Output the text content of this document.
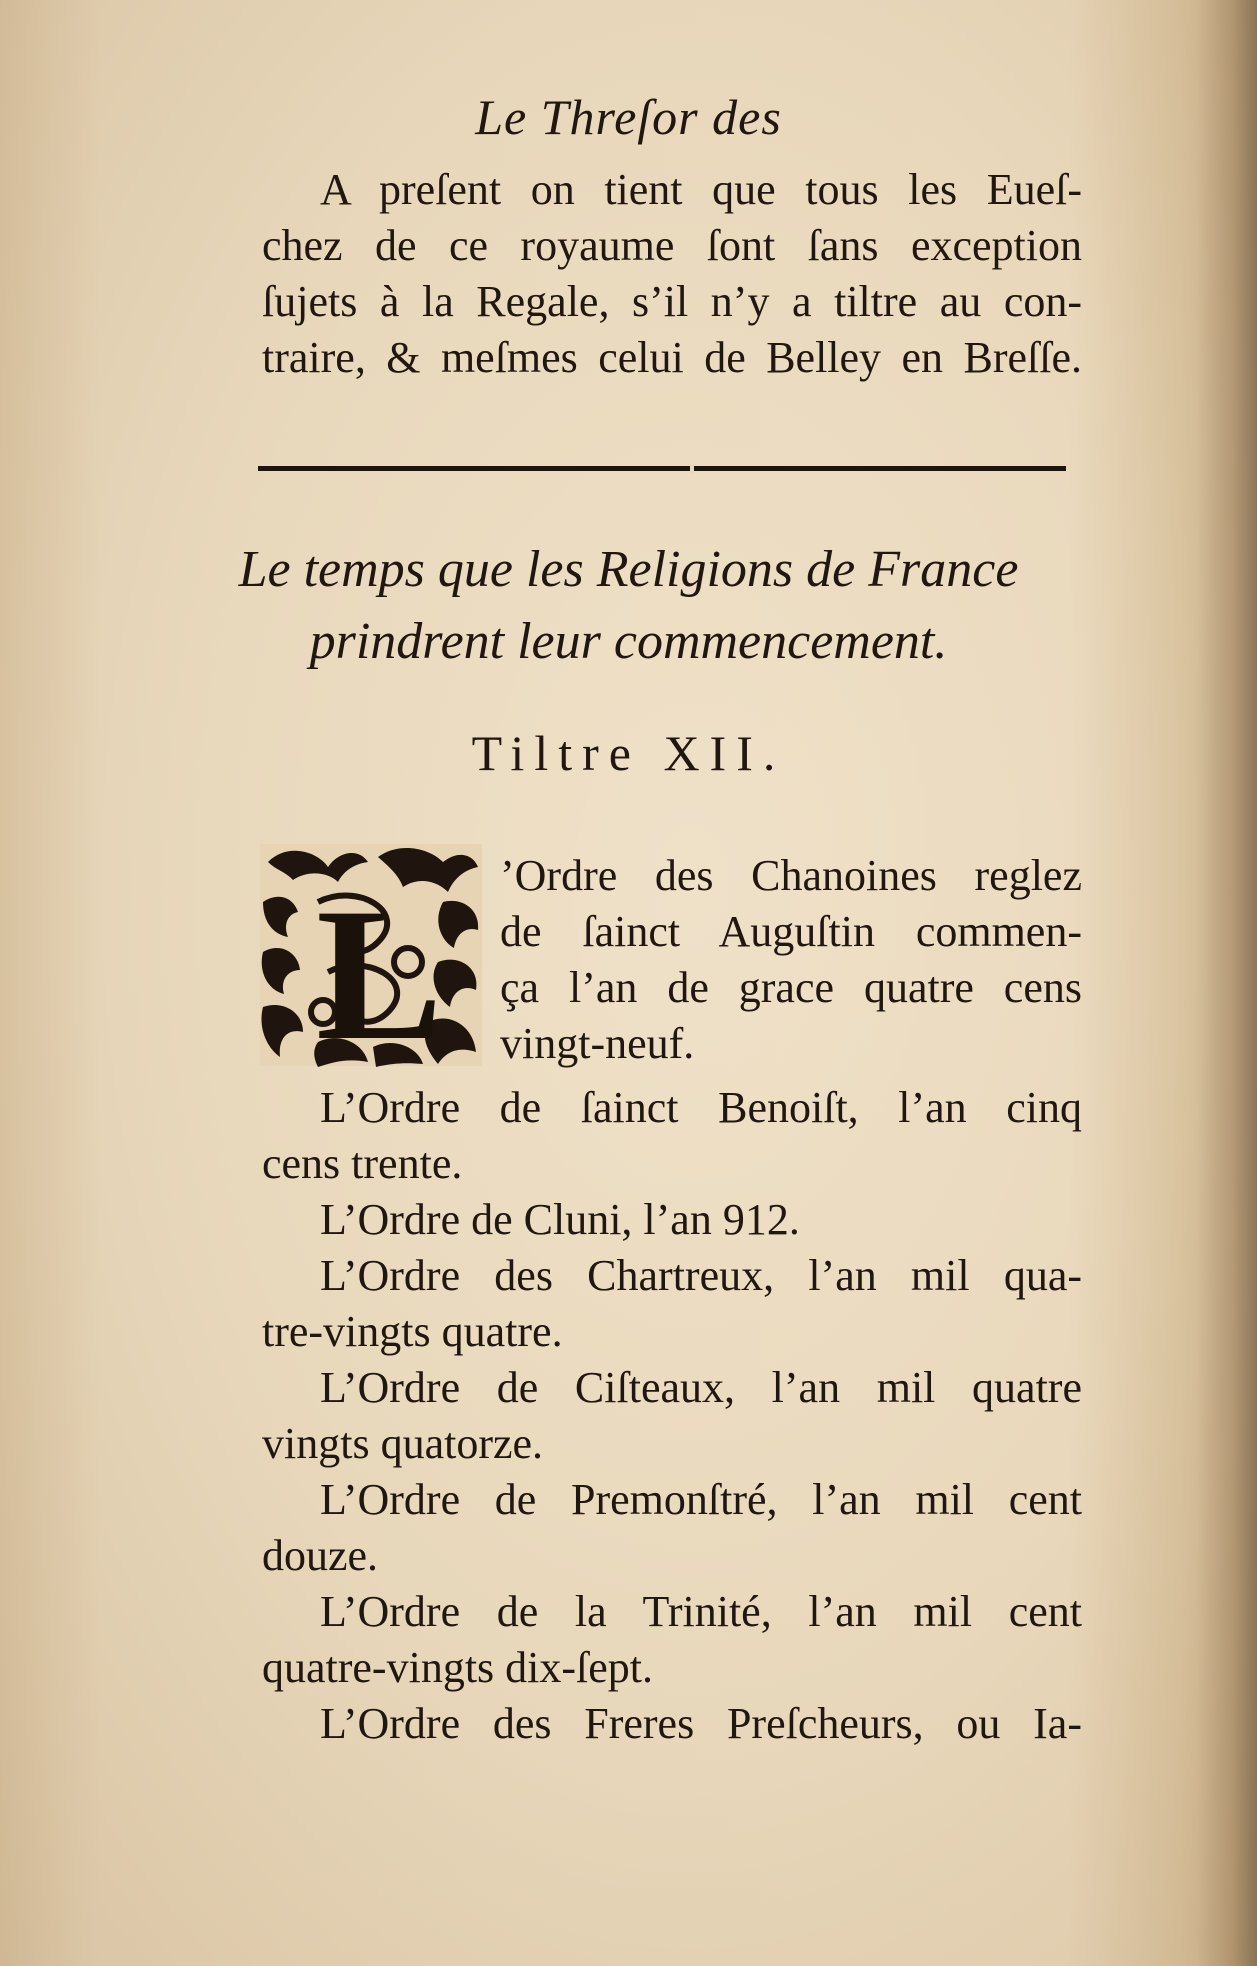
Le Threſor des
A preſent on tient que tous les Eueſ-
chez de ce royaume ſont ſans exception
ſujets à la Regale, s’il n’y a tiltre au con-
traire, & meſmes celui de Belley en Breſſe.
Le temps que les Religions de France
prindrent leur commencement.
Tiltre XII.
L ’Ordre des Chanoines reglez
de ſainct Auguſtin commen-
ça l’an de grace quatre cens
vingt-neuf.
L’Ordre de ſainct Benoiſt, l’an cinq
cens trente.
L’Ordre de Cluni, l’an 912.
L’Ordre des Chartreux, l’an mil qua-
tre-vingts quatre.
L’Ordre de Ciſteaux, l’an mil quatre
vingts quatorze.
L’Ordre de Premonſtré, l’an mil cent
douze.
L’Ordre de la Trinité, l’an mil cent
quatre-vingts dix-ſept.
L’Ordre des Freres Preſcheurs, ou Ia-
